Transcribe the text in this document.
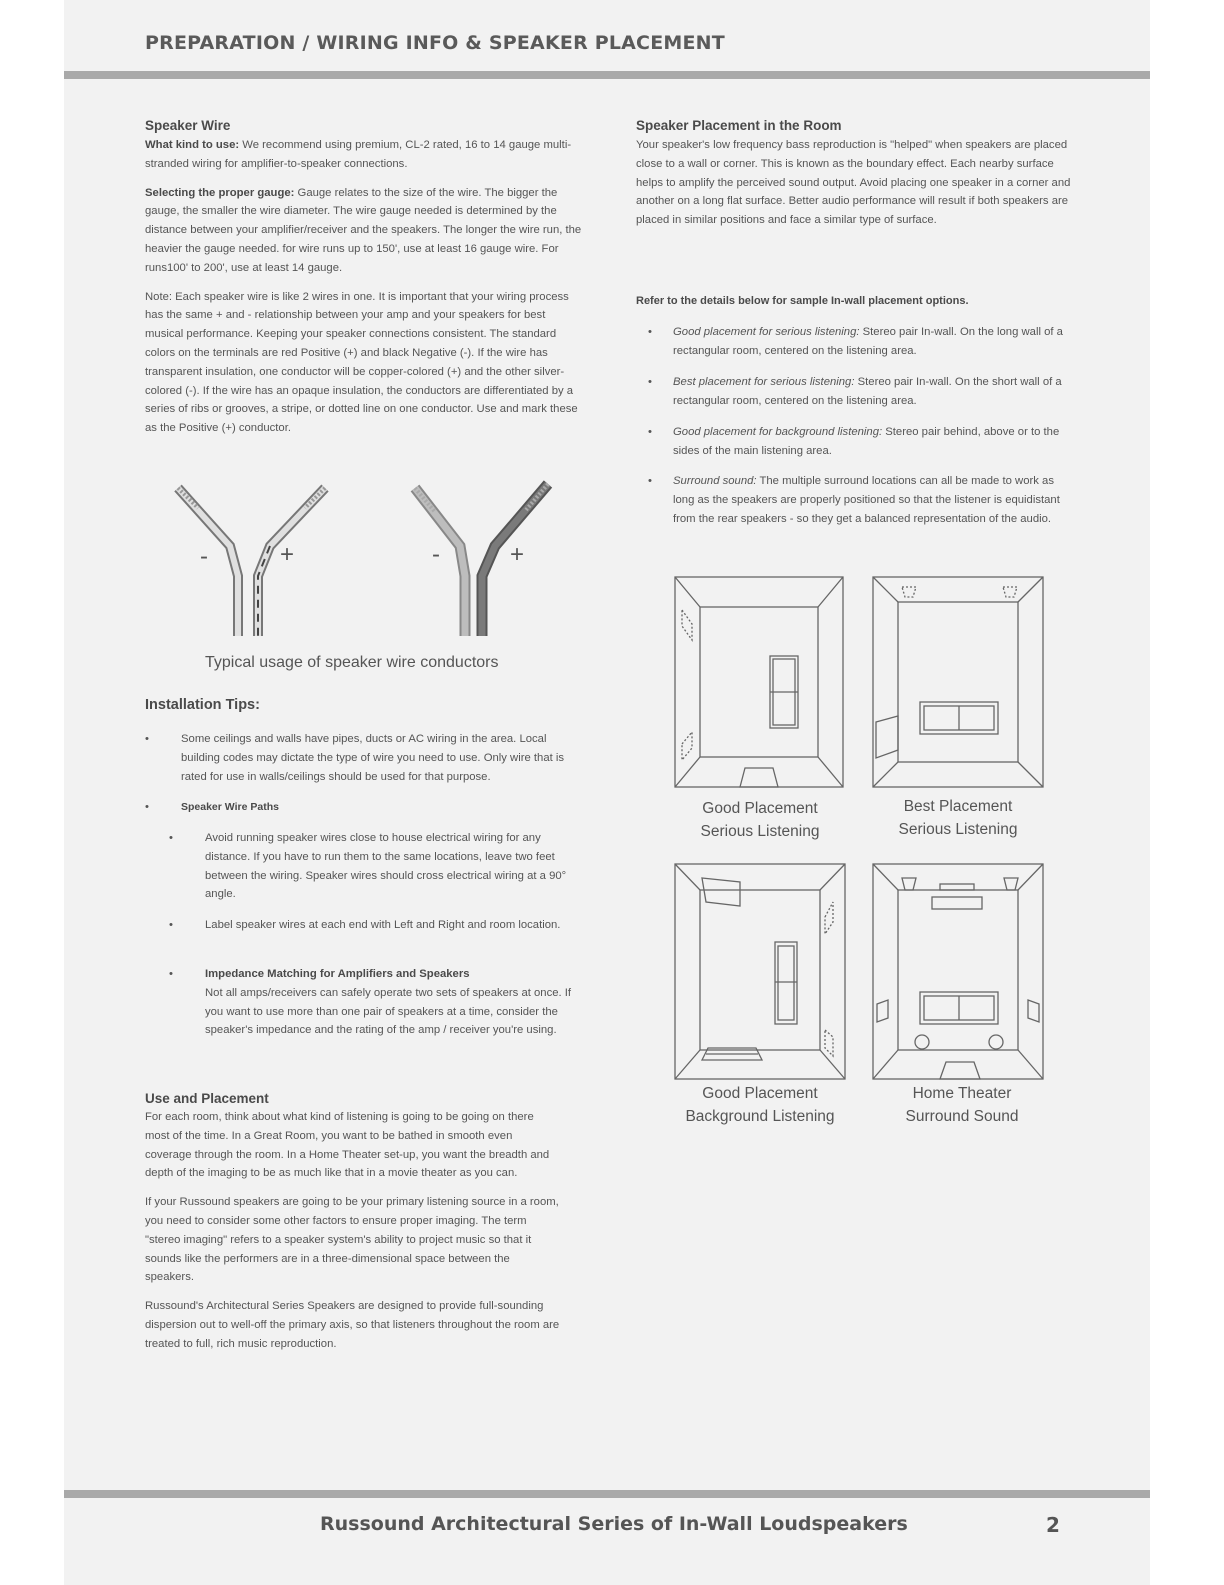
PREPARATION / WIRING INFO & SPEAKER PLACEMENT
Speaker Wire

What kind to use: We recommend using premium, CL-2 rated, 16 to 14 gauge multi-stranded wiring for amplifier-to-speaker connections.

Selecting the proper gauge: Gauge relates to the size of the wire. The bigger the gauge, the smaller the wire diameter. The wire gauge needed is determined by the distance between your amplifier/receiver and the speakers. The longer the wire run, the heavier the gauge needed. for wire runs up to 150', use at least 16 gauge wire. For runs100' to 200', use at least 14 gauge.

Note: Each speaker wire is like 2 wires in one. It is important that your wiring process has the same + and - relationship between your amp and your speakers for best musical performance. Keeping your speaker connections consistent. The standard colors on the terminals are red Positive (+) and black Negative (-). If the wire has transparent insulation, one conductor will be copper-colored (+) and the other silver-colored (-). If the wire has an opaque insulation, the conductors are differentiated by a series of ribs or grooves, a stripe, or dotted line on one conductor. Use and mark these as the Positive (+) conductor.

-	+	-	+
Typical usage of speaker wire conductors
Installation Tips:
•	Some ceilings and walls have pipes, ducts or AC wiring in the area. Local building codes may dictate the type of wire you need to use. Only wire that is rated for use in walls/ceilings should be used for that purpose.
•	Speaker Wire Paths
•	Avoid running speaker wires close to house electrical wiring for any distance. If you have to run them to the same locations, leave two feet between the wiring. Speaker wires should cross electrical wiring at a 90° angle.
•	Label speaker wires at each end with Left and Right and room location.
•	Impedance Matching for Amplifiers and Speakers
Not all amps/receivers can safely operate two sets of speakers at once. If you want to use more than one pair of speakers at a time, consider the speaker's impedance and the rating of the amp / receiver you're using.
Use and Placement

For each room, think about what kind of listening is going to be going on there most of the time. In a Great Room, you want to be bathed in smooth even coverage through the room. In a Home Theater set-up, you want the breadth and depth of the imaging to be as much like that in a movie theater as you can.

If your Russound speakers are going to be your primary listening source in a room, you need to consider some other factors to ensure proper imaging. The term "stereo imaging" refers to a speaker system's ability to project music so that it sounds like the performers are in a three-dimensional space between the speakers.

Russound's Architectural Series Speakers are designed to provide full-sounding dispersion out to well-off the primary axis, so that listeners throughout the room are treated to full, rich music reproduction.

Speaker Placement in the Room

Your speaker's low frequency bass reproduction is "helped" when speakers are placed close to a wall or corner. This is known as the boundary effect. Each nearby surface helps to amplify the perceived sound output. Avoid placing one speaker in a corner and another on a long flat surface. Better audio performance will result if both speakers are placed in similar positions and face a similar type of surface.

Refer to the details below for sample In-wall placement options.
• Good placement for serious listening: Stereo pair In-wall. On the long wall of a rectangular room, centered on the listening area.
• Best placement for serious listening: Stereo pair In-wall. On the short wall of a rectangular room, centered on the listening area.
• Good placement for background listening: Stereo pair behind, above or to the sides of the main listening area.
• Surround sound: The multiple surround locations can all be made to work as long as the speakers are properly positioned so that the listener is equidistant from the rear speakers - so they get a balanced representation of the audio.
Good Placement
Serious Listening
Best Placement
Serious Listening
Good Placement
Background Listening
Home Theater
Surround Sound
Russound Architectural Series of In-Wall Loudspeakers	2
